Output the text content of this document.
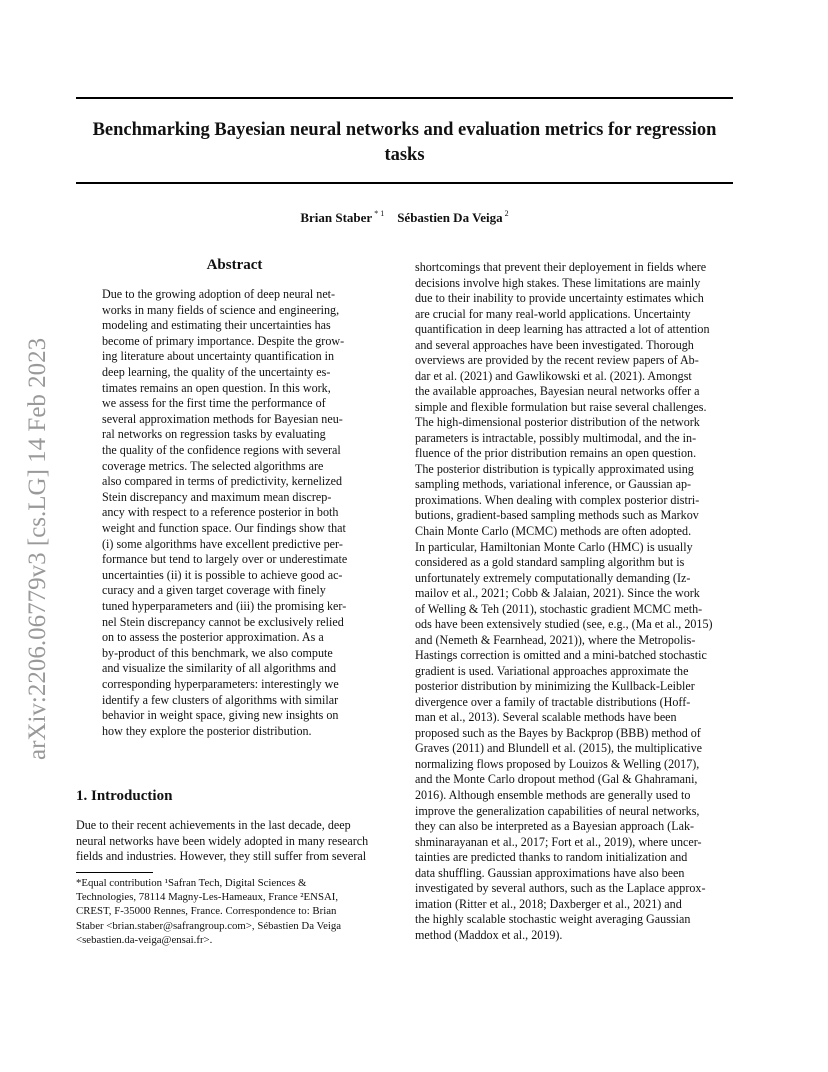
arXiv:2206.06779v3 [cs.LG] 14 Feb 2023
Benchmarking Bayesian neural networks and evaluation metrics for regression
tasks
Brian Staber $^{* 1}$ Sébastien Da Veiga $^2$
Abstract
Due to the growing adoption of deep neural net-
works in many fields of science and engineering,
modeling and estimating their uncertainties has
become of primary importance. Despite the grow-
ing literature about uncertainty quantification in
deep learning, the quality of the uncertainty es-
timates remains an open question. In this work,
we assess for the first time the performance of
several approximation methods for Bayesian neu-
ral networks on regression tasks by evaluating
the quality of the confidence regions with several
coverage metrics. The selected algorithms are
also compared in terms of predictivity, kernelized
Stein discrepancy and maximum mean discrep-
ancy with respect to a reference posterior in both
weight and function space. Our findings show that
(i) some algorithms have excellent predictive per-
formance but tend to largely over or underestimate
uncertainties (ii) it is possible to achieve good ac-
curacy and a given target coverage with finely
tuned hyperparameters and (iii) the promising ker-
nel Stein discrepancy cannot be exclusively relied
on to assess the posterior approximation. As a
by-product of this benchmark, we also compute
and visualize the similarity of all algorithms and
corresponding hyperparameters: interestingly we
identify a few clusters of algorithms with similar
behavior in weight space, giving new insights on
how they explore the posterior distribution.
1. Introduction
Due to their recent achievements in the last decade, deep
neural networks have been widely adopted in many research
fields and industries. However, they still suffer from several
*Equal contribution ¹Safran Tech, Digital Sciences &
Technologies, 78114 Magny-Les-Hameaux, France ²ENSAI,
CREST, F-35000 Rennes, France. Correspondence to: Brian
Staber <brian.staber@safrangroup.com>, Sébastien Da Veiga
<sebastien.da-veiga@ensai.fr>.
shortcomings that prevent their deployement in fields where
decisions involve high stakes. These limitations are mainly
due to their inability to provide uncertainty estimates which
are crucial for many real-world applications. Uncertainty
quantification in deep learning has attracted a lot of attention
and several approaches have been investigated. Thorough
overviews are provided by the recent review papers of Ab-
dar et al. (2021) and Gawlikowski et al. (2021). Amongst
the available approaches, Bayesian neural networks offer a
simple and flexible formulation but raise several challenges.
The high-dimensional posterior distribution of the network
parameters is intractable, possibly multimodal, and the in-
fluence of the prior distribution remains an open question.
The posterior distribution is typically approximated using
sampling methods, variational inference, or Gaussian ap-
proximations. When dealing with complex posterior distri-
butions, gradient-based sampling methods such as Markov
Chain Monte Carlo (MCMC) methods are often adopted.
In particular, Hamiltonian Monte Carlo (HMC) is usually
considered as a gold standard sampling algorithm but is
unfortunately extremely computationally demanding (Iz-
mailov et al., 2021; Cobb & Jalaian, 2021). Since the work
of Welling & Teh (2011), stochastic gradient MCMC meth-
ods have been extensively studied (see, e.g., (Ma et al., 2015)
and (Nemeth & Fearnhead, 2021)), where the Metropolis-
Hastings correction is omitted and a mini-batched stochastic
gradient is used. Variational approaches approximate the
posterior distribution by minimizing the Kullback-Leibler
divergence over a family of tractable distributions (Hoff-
man et al., 2013). Several scalable methods have been
proposed such as the Bayes by Backprop (BBB) method of
Graves (2011) and Blundell et al. (2015), the multiplicative
normalizing flows proposed by Louizos & Welling (2017),
and the Monte Carlo dropout method (Gal & Ghahramani,
2016). Although ensemble methods are generally used to
improve the generalization capabilities of neural networks,
they can also be interpreted as a Bayesian approach (Lak-
shminarayanan et al., 2017; Fort et al., 2019), where uncer-
tainties are predicted thanks to random initialization and
data shuffling. Gaussian approximations have also been
investigated by several authors, such as the Laplace approx-
imation (Ritter et al., 2018; Daxberger et al., 2021) and
the highly scalable stochastic weight averaging Gaussian
method (Maddox et al., 2019).
